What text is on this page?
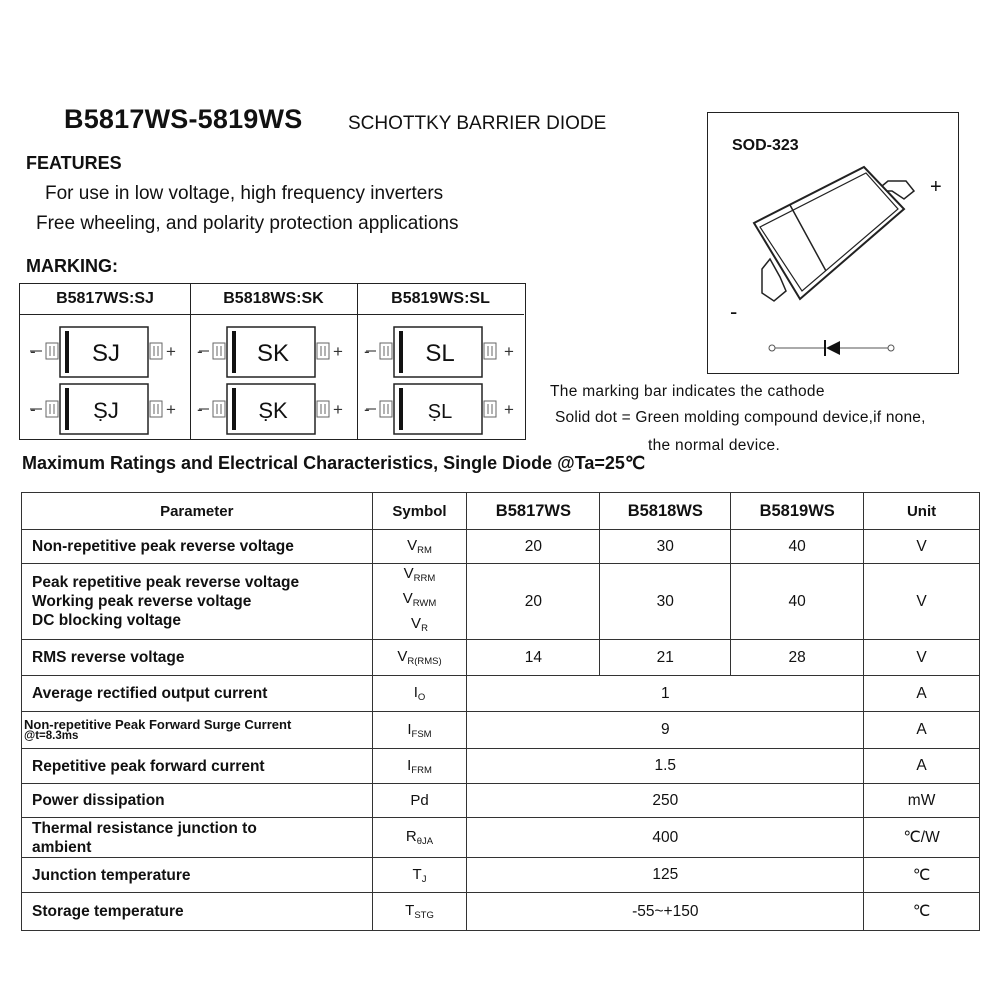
B5817WS-5819WS SCHOTTKY BARRIER DIODE
FEATURES
For use in low voltage, high frequency inverters
Free wheeling, and polarity protection applications
MARKING:
B5817WS:SJ	B5818WS:SK	B5819WS:SL
SJ
-	+
ṢJ
-	+
SK
-	+
ṢK
-	+
SL
-	+
ṢL
-	+
SOD-323
+
-
The marking bar indicates the cathode
Solid dot = Green molding compound device,if none,
the normal device.
Maximum Ratings and Electrical Characteristics, Single Diode @Ta=25℃
Parameter	Symbol	B5817WS	B5818WS	B5819WS	Unit
Non-repetitive peak reverse voltage	VRM	20	30	40	V

Peak repetitive peak reverse voltage
Working peak reverse voltage
DC blocking voltage	VRRM
VRWM
VR	20	30	40	V
RMS reverse voltage	VR(RMS)	14	21	28	V
Average rectified output current	IO	1			A

Non-repetitive Peak Forward Surge Current
@t=8.3ms	IFSM	9			A
Repetitive peak forward current	IFRM	1.5			A
Power dissipation	Pd	250			mW

Thermal resistance junction to
ambient	RθJA	400			℃/W
Junction temperature	TJ	125			℃
Storage temperature	TSTG	-55~+150			℃
